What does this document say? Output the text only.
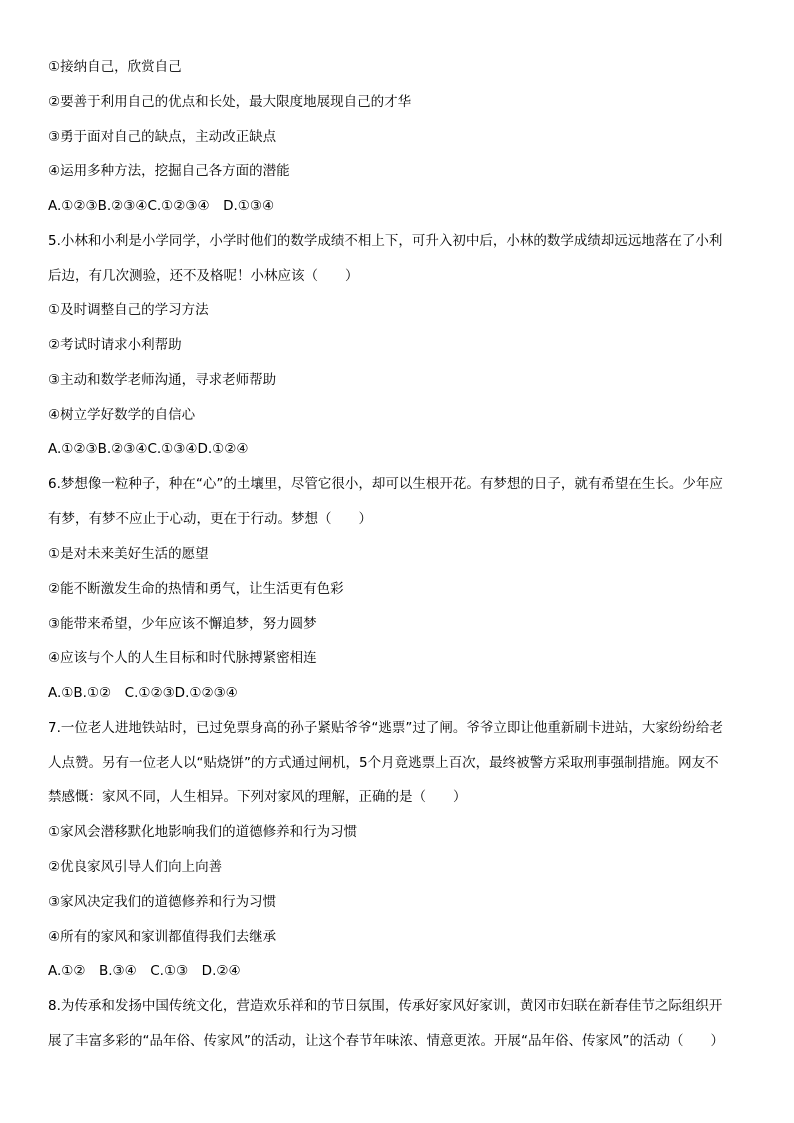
①接纳自己，欣赏自己
②要善于利用自己的优点和长处，最大限度地展现自己的才华
③勇于面对自己的缺点，主动改正缺点
④运用多种方法，挖掘自己各方面的潜能
A.①②③B.②③④C.①②③④　D.①③④
5.小林和小利是小学同学，小学时他们的数学成绩不相上下，可升入初中后，小林的数学成绩却远远地落在了小利
后边，有几次测验，还不及格呢！小林应该（　　）
①及时调整自己的学习方法
②考试时请求小利帮助
③主动和数学老师沟通，寻求老师帮助
④树立学好数学的自信心
A.①②③B.②③④C.①③④D.①②④
6.梦想像一粒种子，种在“心”的土壤里，尽管它很小，却可以生根开花。有梦想的日子，就有希望在生长。少年应
有梦，有梦不应止于心动，更在于行动。梦想（　　）
①是对未来美好生活的愿望
②能不断激发生命的热情和勇气，让生活更有色彩
③能带来希望，少年应该不懈追梦，努力圆梦
④应该与个人的人生目标和时代脉搏紧密相连
A.①B.①②　C.①②③D.①②③④
7.一位老人进地铁站时，已过免票身高的孙子紧贴爷爷“逃票”过了闸。爷爷立即让他重新刷卡进站，大家纷纷给老
人点赞。另有一位老人以“贴烧饼”的方式通过闸机，5个月竟逃票上百次，最终被警方采取刑事强制措施。网友不
禁感慨：家风不同，人生相异。下列对家风的理解，正确的是（　　）
①家风会潜移默化地影响我们的道德修养和行为习惯
②优良家风引导人们向上向善
③家风决定我们的道德修养和行为习惯
④所有的家风和家训都值得我们去继承
A.①②　B.③④　C.①③　D.②④
8.为传承和发扬中国传统文化，营造欢乐祥和的节日氛围，传承好家风好家训，黄冈市妇联在新春佳节之际组织开
展了丰富多彩的“品年俗、传家风”的活动，让这个春节年味浓、情意更浓。开展“品年俗、传家风”的活动（　　）
